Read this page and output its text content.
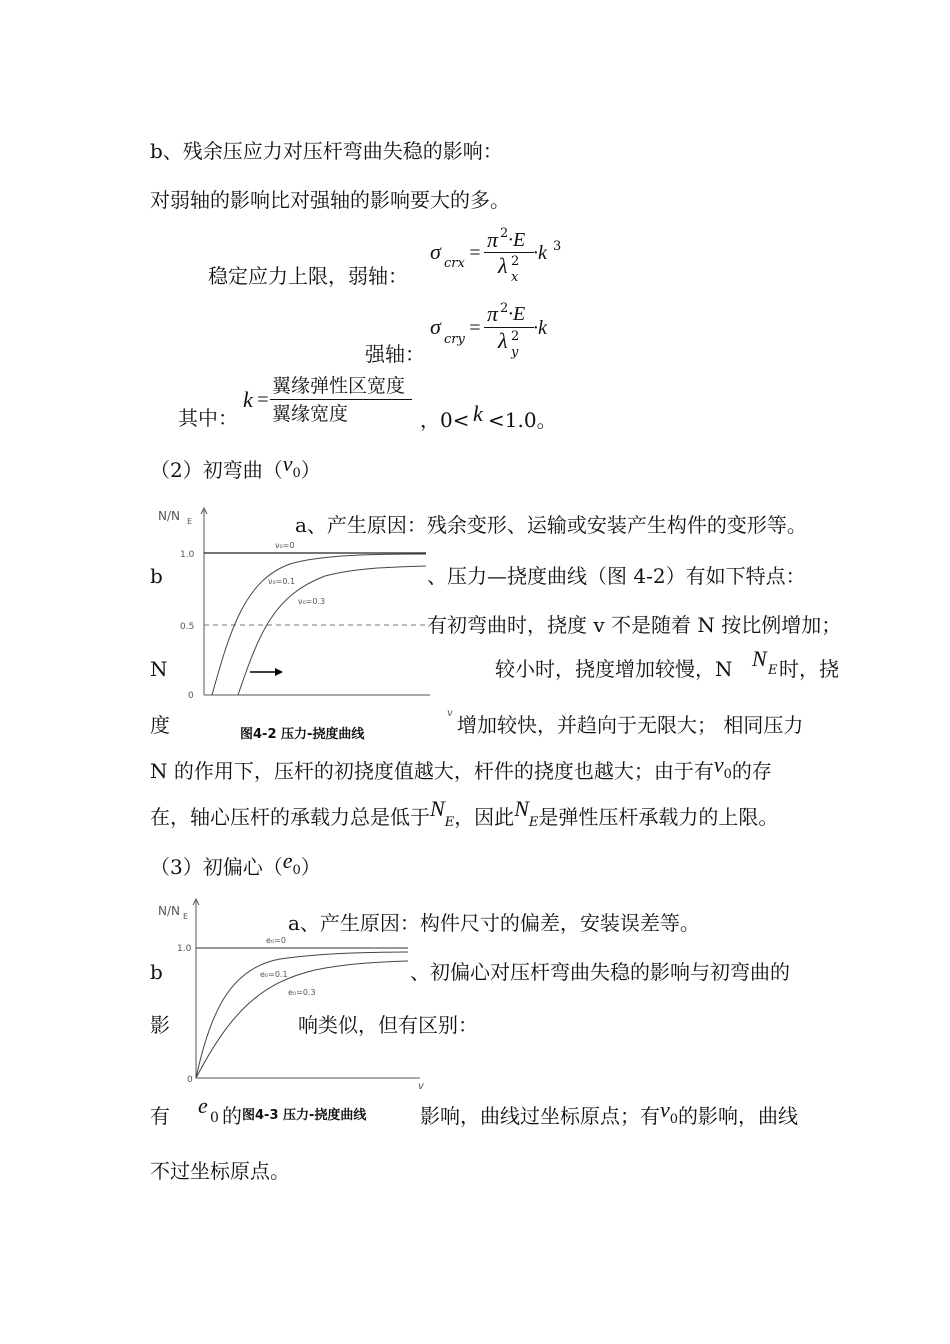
b、残余压应力对压杆弯曲失稳的影响：
对弱轴的影响比对强轴的影响要大的多。
稳定应力上限，弱轴：
σ crx =
π 2 ·E
λ 2
x
·k 3
强轴：
σ
cry
=
π 2 ·E
λ 2
y
·k
其中：
k =
翼缘弹性区宽度
翼缘宽度	，0< k <1.0。
（2）初弯曲（v0）
N/N E
1.0
0.5
0
ν₀=0
ν₀=0.1
ν₀=0.3
v
图4-2 压力-挠度曲线
a、产生原因：残余变形、运输或安装产生构件的变形等。
b	、压力—挠度曲线（图 4-2）有如下特点：
有初弯曲时，挠度 v 不是随着 N 按比例增加；
N	较小时，挠度增加较慢，N N E 时，挠
度	增加较快，并趋向于无限大； 相同压力
N 的作用下，压杆的初挠度值越大，杆件的挠度也越大；由于有v0的存
在，轴心压杆的承载力总是低于NE，因此NE是弹性压杆承载力的上限。
（3）初偏心（e0）
N/N E
1.0
0
v
e₀=0
e₀=0.1
e₀=0.3
a、产生原因：构件尺寸的偏差，安装误差等。
b	、初偏心对压杆弯曲失稳的影响与初弯曲的
影	响类似，但有区别：
有 e 0 的 图4-3 压力-挠度曲线	影响，曲线过坐标原点；有v0的影响，曲线
不过坐标原点。
